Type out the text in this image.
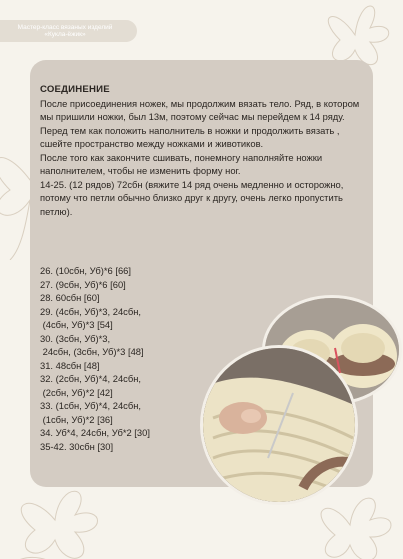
Мастер-класс вязаных изделий
«Кукла-ёжик»

СОЕДИНЕНИЕ

После присоединения ножек, мы продолжим вязать тело. Ряд, в котором мы пришили ножки, был 13м, поэтому сейчас мы перейдем к 14 ряду.

Перед тем как положить наполнитель в ножки и продолжить вязать , сшейте пространство между ножками и животиков.

После того как закончите сшивать, понемногу наполняйте ножки наполнителем, чтобы не изменить форму ног.

14-25. (12 рядов) 72сбн (вяжите 14 ряд очень медленно и осторожно, потому что петли обычно близко друг к другу, очень легко пропустить петлю).

26. (10сбн, Уб)*6 [66]

27. (9сбн, Уб)*6 [60]

28. 60сбн [60]

29. (4сбн, Уб)*3, 24сбн,

(4сбн, Уб)*3 [54]

30. (3сбн, Уб)*3,

24сбн, (3сбн, Уб)*3 [48]

31. 48сбн [48]

32. (2сбн, Уб)*4, 24сбн,

(2сбн, Уб)*2 [42]

33. (1сбн, Уб)*4, 24сбн,

(1сбн, Уб)*2 [36]

34. Уб*4, 24сбн, Уб*2 [30]

35-42. 30сбн [30]
